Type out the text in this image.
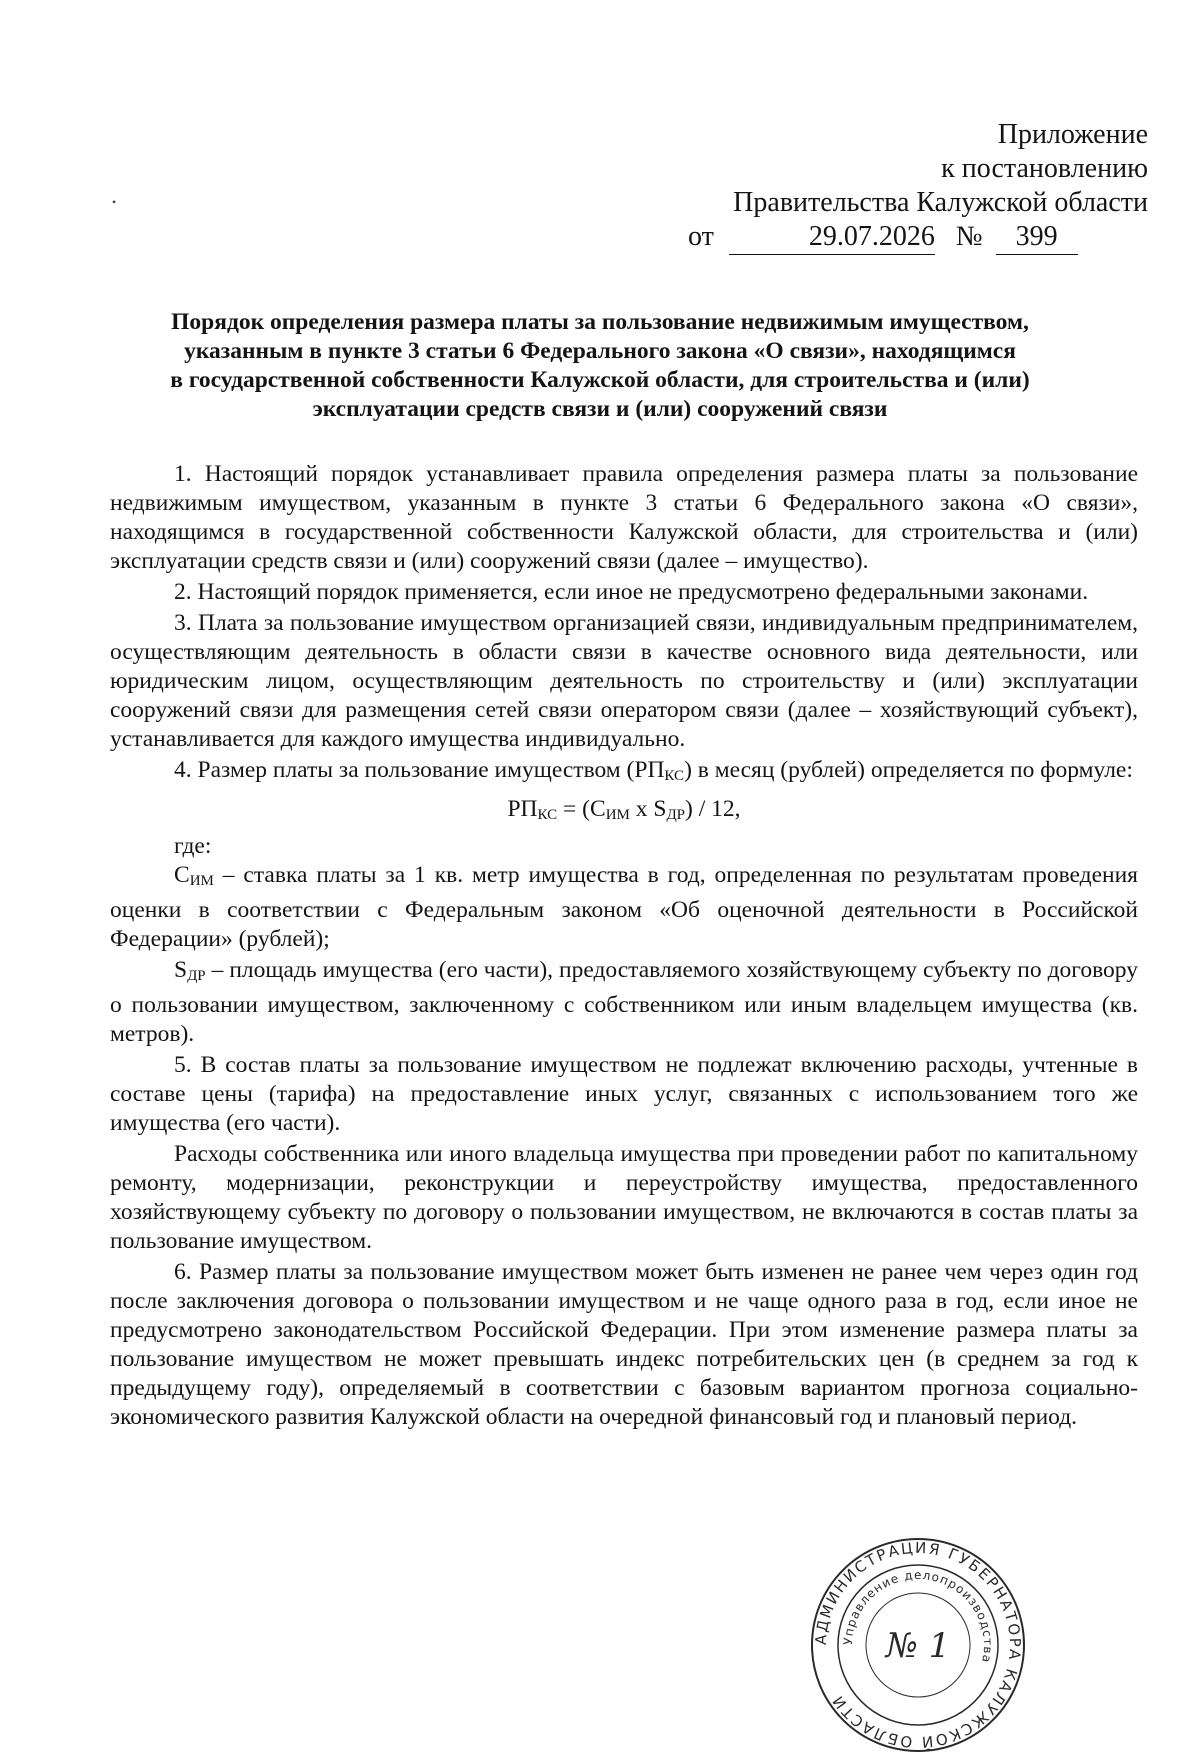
•
Приложение
к постановлению
Правительства Калужской области
от	29.07.2026 № 399
Порядок определения размера платы за пользование недвижимым имуществом,
указанным в пункте 3 статьи 6 Федерального закона «О связи», находящимся
в государственной собственности Калужской области, для строительства и (или)
эксплуатации средств связи и (или) сооружений связи

1. Настоящий порядок устанавливает правила определения размера платы за пользование недвижимым имуществом, указанным в пункте 3 статьи 6 Федерального закона «О связи», находящимся в государственной собственности Калужской области, для строительства и (или) эксплуатации средств связи и (или) сооружений связи (далее – имущество).

2. Настоящий порядок применяется, если иное не предусмотрено федеральными законами.

3. Плата за пользование имуществом организацией связи, индивидуальным предпринимателем, осуществляющим деятельность в области связи в качестве основного вида деятельности, или юридическим лицом, осуществляющим деятельность по строительству и (или) эксплуатации сооружений связи для размещения сетей связи оператором связи (далее – хозяйствующий субъект), устанавливается для каждого имущества индивидуально.

4. Размер платы за пользование имуществом $(РП_{КС})$ в месяц (рублей) определяется по формуле:

$РП_{КС} = (С_{ИМ}$ х $S_{ДР}) / 12$,

где:

$С_{ИМ}$ – ставка платы за 1 кв. метр имущества в год, определенная по результатам проведения оценки в соответствии с Федеральным законом «Об оценочной деятельности в Российской Федерации» (рублей);

$S_{ДР}$ – площадь имущества (его части), предоставляемого хозяйствующему субъекту по договору о пользовании имуществом, заключенному с собственником или иным владельцем имущества (кв. метров).

5. В состав платы за пользование имуществом не подлежат включению расходы, учтенные в составе цены (тарифа) на предоставление иных услуг, связанных с использованием того же имущества (его части).

Расходы собственника или иного владельца имущества при проведении работ по капитальному ремонту, модернизации, реконструкции и переустройству имущества, предоставленного хозяйствующему субъекту по договору о пользовании имуществом, не включаются в состав платы за пользование имуществом.

6. Размер платы за пользование имуществом может быть изменен не ранее чем через один год после заключения договора о пользовании имуществом и не чаще одного раза в год, если иное не предусмотрено законодательством Российской Федерации. При этом изменение размера платы за пользование имуществом не может превышать индекс потребительских цен (в среднем за год к предыдущему году), определяемый в соответствии с базовым вариантом прогноза социально-экономического развития Калужской области на очередной финансовый год и плановый период.

АДМИНИСТРАЦИЯ ГУБЕРНАТОРА КАЛУЖСКОЙ ОБЛАСТИ
Управление делопроизводства
№ 1
